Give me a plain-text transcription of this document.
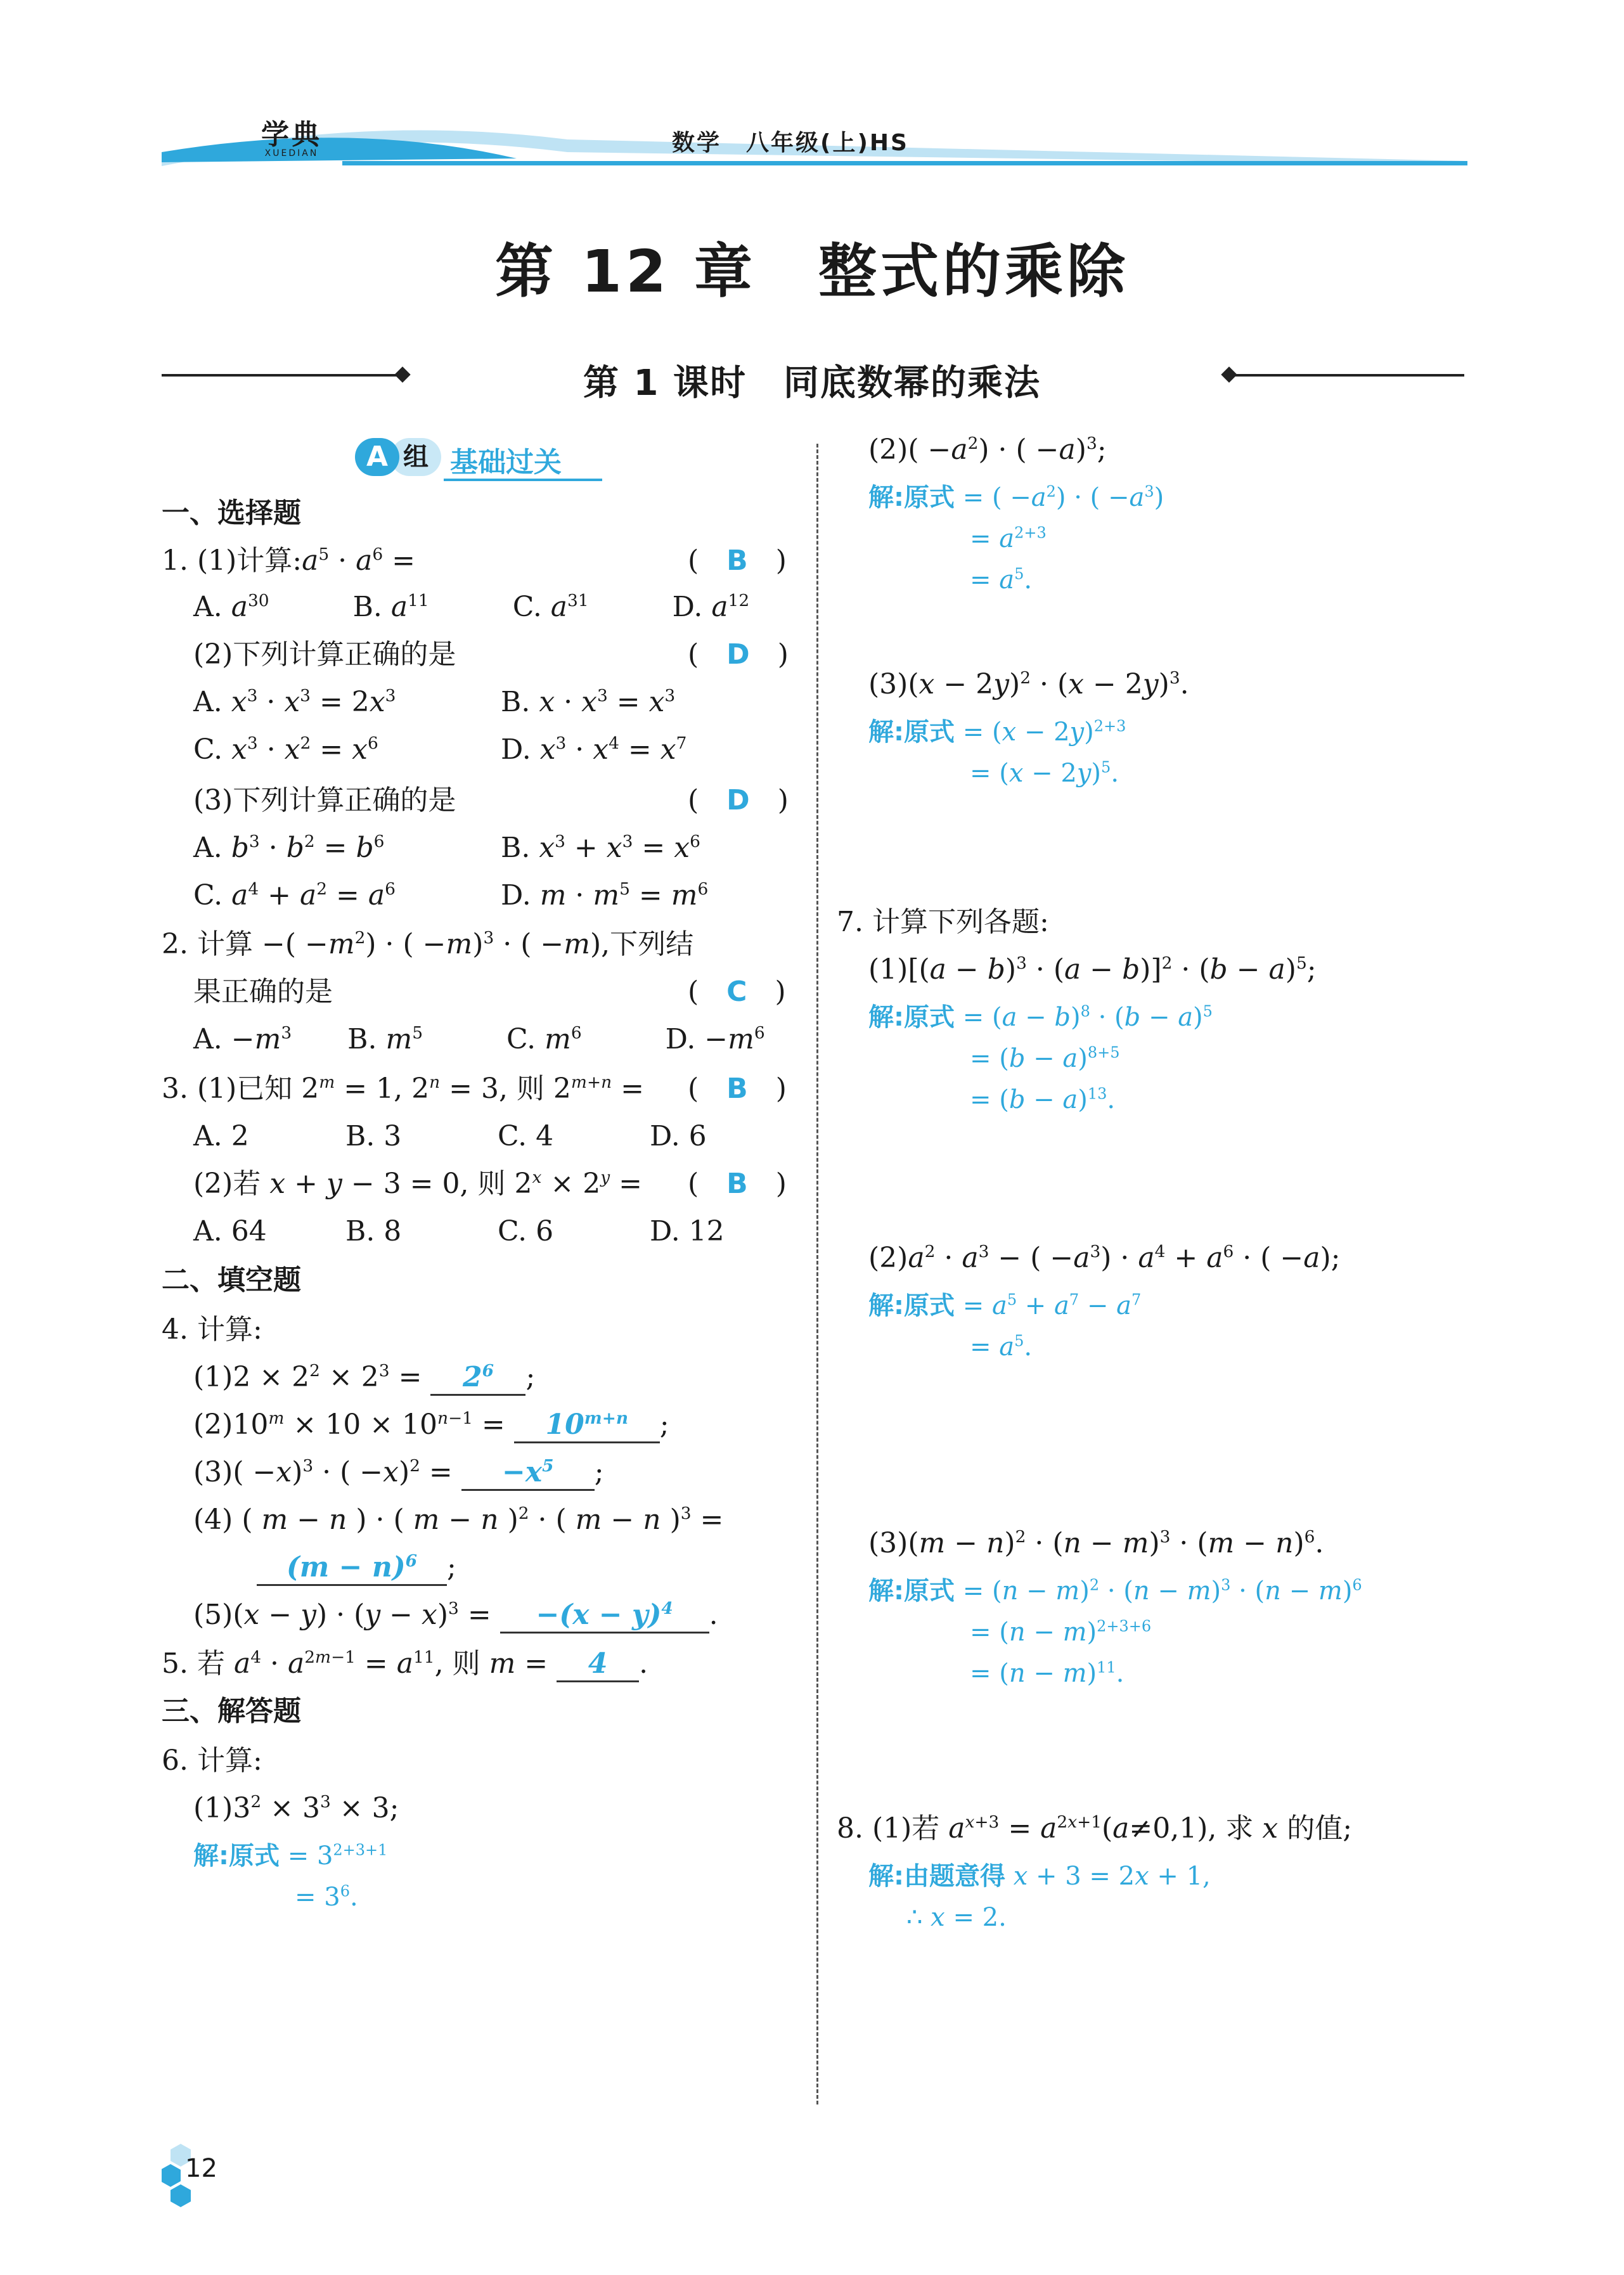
学典
XUEDIAN	数学　八年级(上)HS
第 12 章　整式的乘除
第 1 课时　同底数幂的乘法
组
A	基础过关
一、选择题
1. (1)计算$:a^5 \cdot a^6$ =	(　B　)
A. $a^{30}$　　　B. $a^{11}$　　　C. $a^{31}$　　　D. $a^{12}$
(2)下列计算正确的是	(　D　)
A. $x^3 \cdot x^3 = 2x^3$	B. $x \cdot x^3 = x^3$
C. $x^3 \cdot x^2 = x^6$	D. $x^3 \cdot x^4 = x^7$
(3)下列计算正确的是	(　D　)
A. $b^3 \cdot b^2 = b^6$	B. $x^3 + x^3 = x^6$
C. $a^4 + a^2 = a^6$	D. $m \cdot m^5 = m^6$
2. 计算 −( $-m^2$) · ( −m)$^3$ · ( −m),下列结
果正确的是	(　C　)
A. $-m^3$　　B. $m^5$　　　C. $m^6$　　　D. $-m^6$
3. (1)已知 $2^m = 1$, $2^n = 3$, 则 $2^{m+n}$ = (　B　)
A. 2	B. 3	C. 4	D. 6
(2)若 x + y − 3 = 0, 则 $2^x \times 2^y$ = (　B　)
A. 64	B. 8	C. 6	D. 12
二、填空题
4. 计算:
$(1)2 \times 2^2 \times 2^3 = 2^6$ ;
$(2)10^m \times 10 \times 10^{n-1} = 10^{m+n}$ ;
$(3)( -x)^3$ · ( $-x)^2 = -x^5$ ;
(4) ( m − n ) · ( m − n )$^2$ · ( m − n )$^3$ =
$(m - n)^6$ ;
$(5)(x - y) \cdot (y - x)^3 = -(x - y)^4$ .
5. 若 $a^4 \cdot a^{2m-1} = a^{11}$, 则 m = 4 .
三、解答题
6. 计算:
$(1)3^2 \times 3^3 \times 3$;
解:原式 = $3^{2+3+1}$
= $3^6$.
$(2)( -a^2)$ · ( −a)$^3$;
解:原式 = ( $-a^2$) · ( $-a^3$)
= $a^{2+3}$
= $a^5$.
$(3)(x - 2y)^2 \cdot (x - 2y)^3$.
解:原式 = $(x - 2y)^{2+3}$
= $(x - 2y)^5$.
7. 计算下列各题:
$(1)[(a - b)^3 \cdot (a - b)]^2 \cdot (b - a)^5$;
解:原式 = $(a - b)^8 \cdot (b - a)^5$
= $(b - a)^{8+5}$
= $(b - a)^{13}$.
$(2)a^2 \cdot a^3$ − ( $-a^3) \cdot a^4 + a^6$ · ( −a);
解:原式 = $a^5 + a^7 - a^7$
= $a^5$.
$(3)(m - n)^2 \cdot (n - m)^3 \cdot (m - n)^6$.
解:原式 = $(n - m)^2 \cdot (n - m)^3 \cdot (n - m)^6$
= $(n - m)^{2+3+6}$
= $(n - m)^{11}$.
8. (1)若 $a^{x+3} = a^{2x+1}(a\ne 0,1)$, 求 x 的值;
解:由题意得 x + 3 = 2x + 1,
∴ x = 2.
12
